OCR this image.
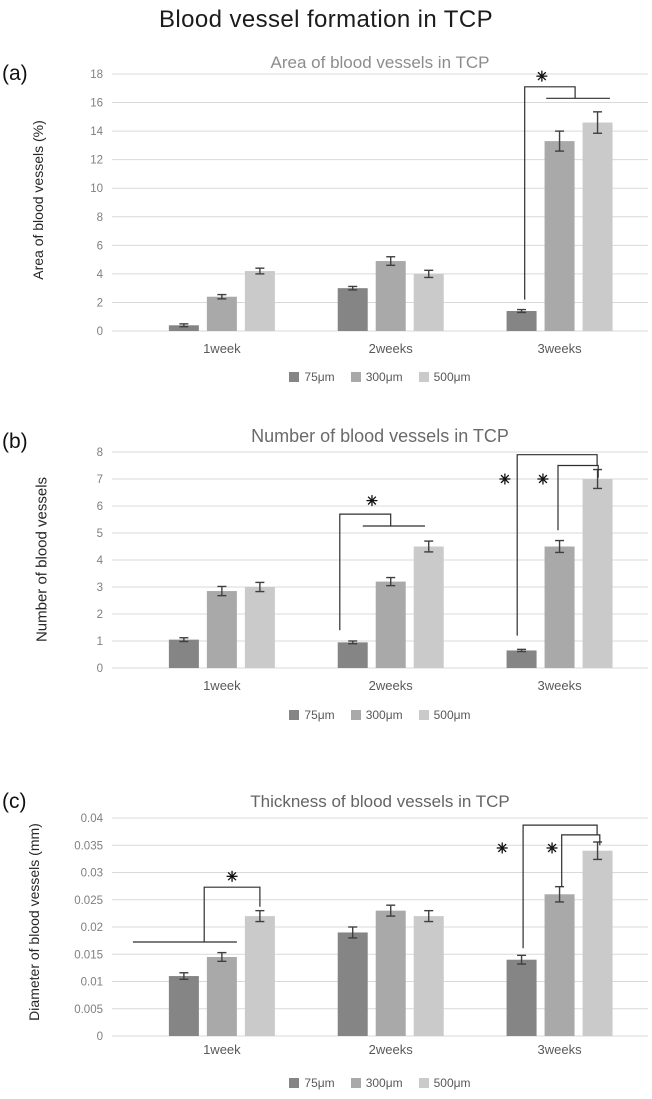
Blood vessel formation in TCP
(a)	Area of blood vessels in TCP
Area of blood vessels (%)
0
2
4
6
8
10
12
14
16
18
1week	2weeks	3weeks
75μm	300μm	500μm
(b)	Number of blood vessels in TCP
Number of blood vessels
0
1
2
3
4
5
6
7
8
1week	2weeks	3weeks
75μm	300μm	500μm
(c)	Thickness of blood vessels in TCP
Diameter of blood vessels (mm)
0
0.005
0.01
0.015
0.02
0.025
0.03
0.035
0.04
1week	2weeks	3weeks
75μm	300μm	500μm
